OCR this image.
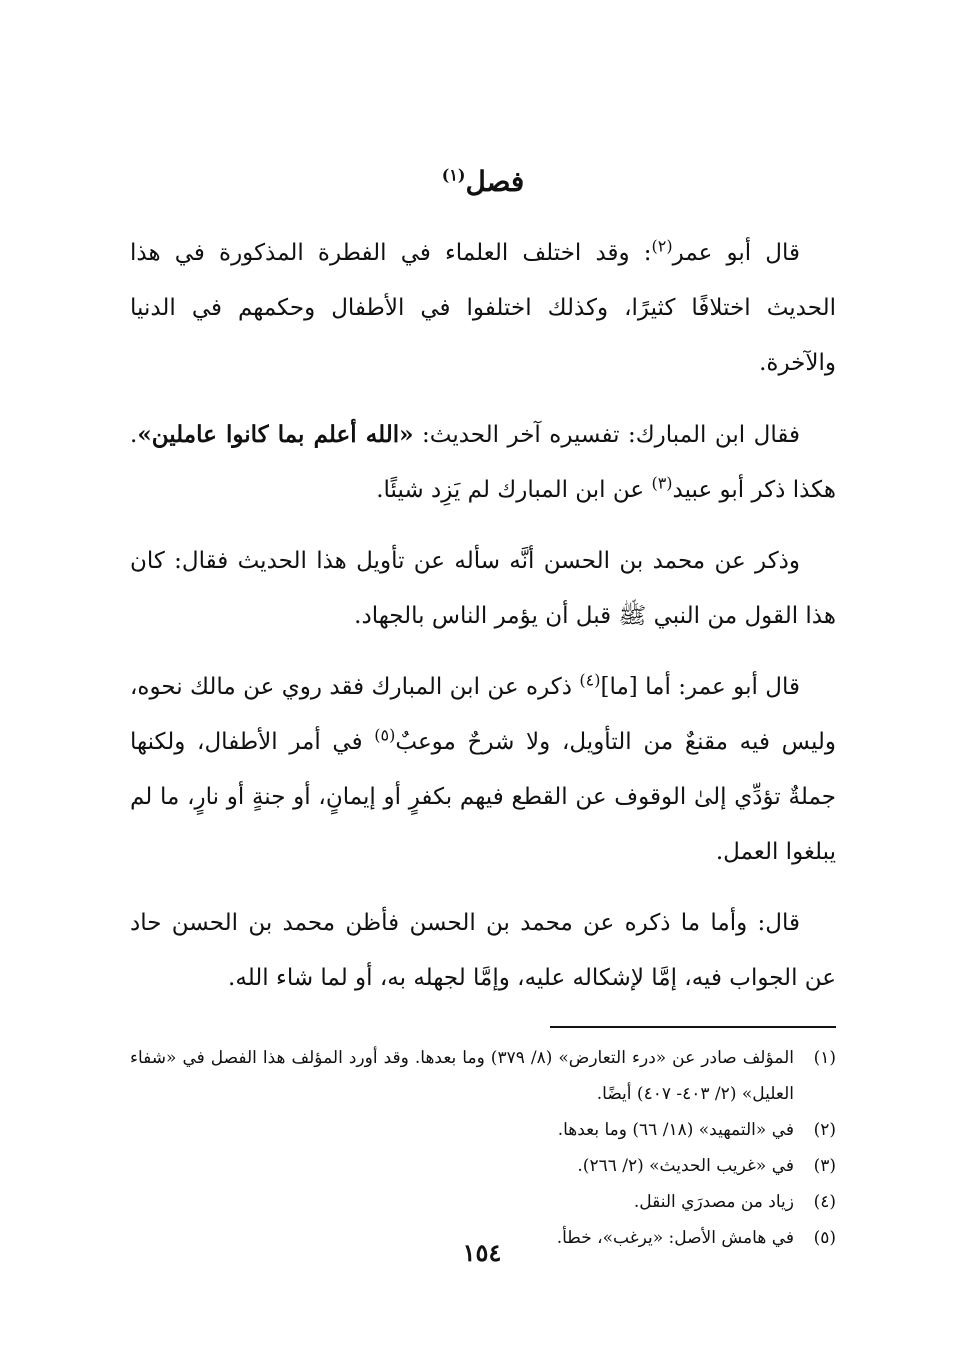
فصل$^{(١)}$

قال أبو عمر$^{(٢)}$: وقد اختلف العلماء في الفطرة المذكورة في هذا الحديث اختلافًا كثيرًا، وكذلك اختلفوا في الأطفال وحكمهم في الدنيا والآخرة.

فقال ابن المبارك: تفسيره آخر الحديث: «الله أعلم بما كانوا عاملين». هكذا ذكر أبو عبيد$^{(٣)}$ عن ابن المبارك لم يَزِد شيئًا.

وذكر عن محمد بن الحسن أنَّه سأله عن تأويل هذا الحديث فقال: كان هذا القول من النبي ﷺ قبل أن يؤمر الناس بالجهاد.

قال أبو عمر: أما [ما]$^{(٤)}$ ذكره عن ابن المبارك فقد روي عن مالك نحوه، وليس فيه مقنعٌ من التأويل، ولا شرحٌ موعبٌ$^{(٥)}$ في أمر الأطفال، ولكنها جملةٌ تؤدِّي إلىٰ الوقوف عن القطع فيهم بكفرٍ أو إيمانٍ، أو جنةٍ أو نارٍ، ما لم يبلغوا العمل.

قال: وأما ما ذكره عن محمد بن الحسن فأظن محمد بن الحسن حاد عن الجواب فيه، إمَّا لإشكاله عليه، وإمَّا لجهله به، أو لما شاء الله.

(١)
المؤلف صادر عن «درء التعارض» (٨/ ٣٧٩) وما بعدها. وقد أورد المؤلف هذا الفصل في «شفاء العليل» (٢/ ٤٠٣- ٤٠٧) أيضًا.
(٢)
في «التمهيد» (١٨/ ٦٦) وما بعدها.
(٣)
في «غريب الحديث» (٢/ ٢٦٦).
(٤)
زياد من مصدرَي النقل.
(٥)
في هامش الأصل: «يرغب»، خطأ.
١٥٤
